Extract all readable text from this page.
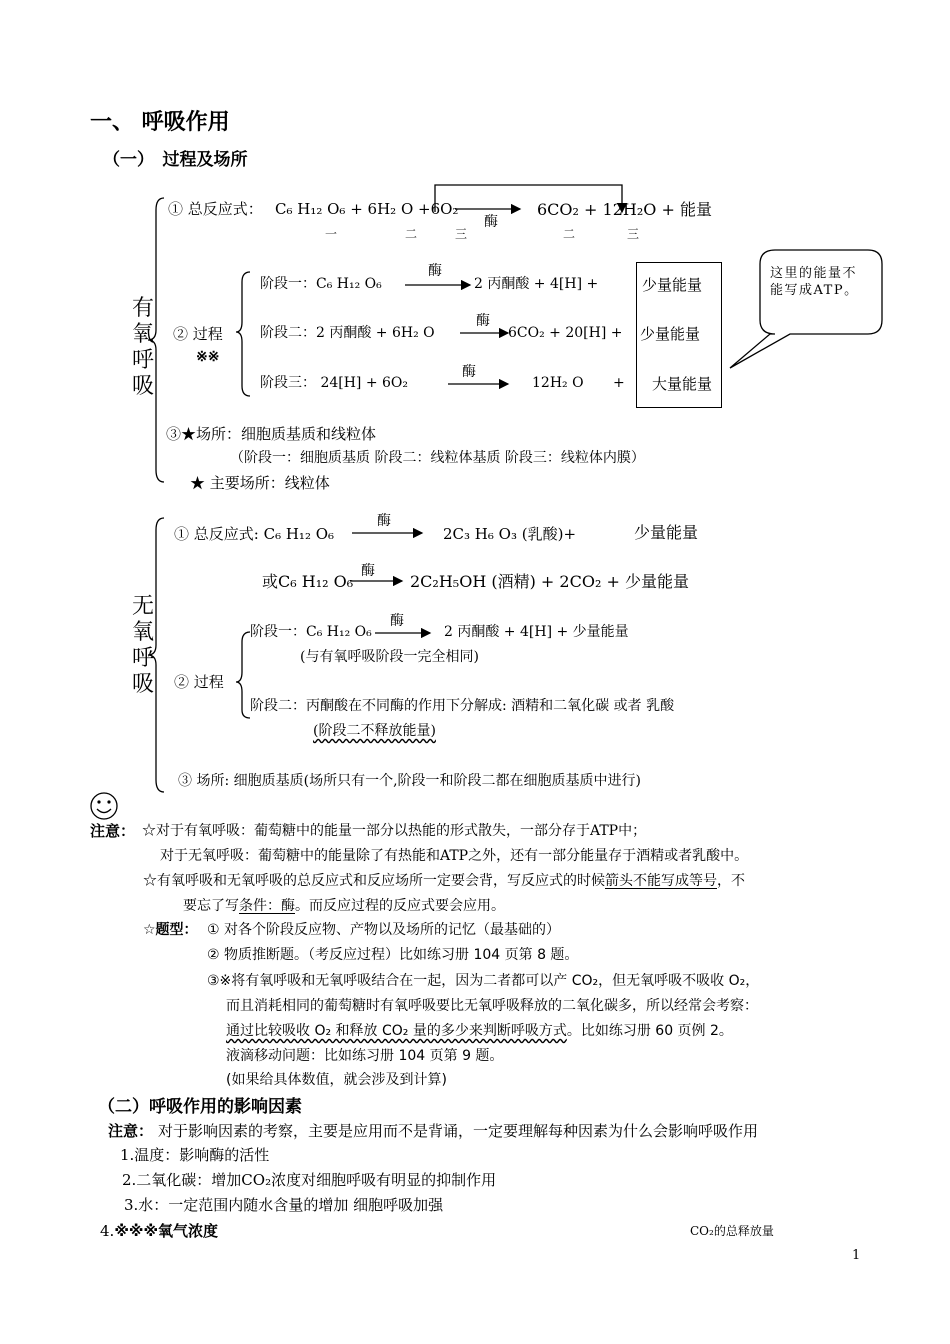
一、 呼吸作用
（一）　过程及场所
有氧呼吸
① 总反应式： C₆ H₁₂ O₆ + 6H₂ O +6O₂
酶
6CO₂ + 12H₂O + 能量
一	二	三	二	三
阶段一：C₆ H₁₂ O₆
酶
2 丙酮酸 + 4[H] +	少量能量
② 过程
※※
阶段二：2 丙酮酸 + 6H₂ O
酶
6CO₂ + 20[H] + 少量能量
阶段三： 24[H] + 6O₂
酶
12H₂ O + 大量能量
这里的能量不能写成ATP。
③★场所：细胞质基质和线粒体
（阶段一：细胞质基质 阶段二：线粒体基质 阶段三：线粒体内膜）
★ 主要场所：线粒体
无氧呼吸
① 总反应式: C₆ H₁₂ O₆
酶
2C₃ H₆ O₃ (乳酸)+	少量能量
或C₆ H₁₂ O₆
酶
2C₂H₅OH (酒精) + 2CO₂ + 少量能量
阶段一：C₆ H₁₂ O₆
酶
2 丙酮酸 + 4[H] + 少量能量
(与有氧呼吸阶段一完全相同)
② 过程
阶段二：丙酮酸在不同酶的作用下分解成: 酒精和二氧化碳 或者 乳酸
(阶段二不释放能量)
③ 场所: 细胞质基质(场所只有一个,阶段一和阶段二都在细胞质基质中进行)
注意： ☆对于有氧呼吸：葡萄糖中的能量一部分以热能的形式散失，一部分存于ATP中；
对于无氧呼吸：葡萄糖中的能量除了有热能和ATP之外，还有一部分能量存于酒精或者乳酸中。
☆有氧呼吸和无氧呼吸的总反应式和反应场所一定要会背，写反应式的时候箭头不能写成等号，不
要忘了写条件：酶。而反应过程的反应式要会应用。
☆题型： ① 对各个阶段反应物、产物以及场所的记忆（最基础的）
② 物质推断题。（考反应过程）比如练习册 104 页第 8 题。
③※将有氧呼吸和无氧呼吸结合在一起，因为二者都可以产 CO₂，但无氧呼吸不吸收 O₂，
而且消耗相同的葡萄糖时有氧呼吸要比无氧呼吸释放的二氧化碳多，所以经常会考察：
通过比较吸收 O₂ 和释放 CO₂ 量的多少来判断呼吸方式。比如练习册 60 页例 2。
液滴移动问题：比如练习册 104 页第 9 题。
(如果给具体数值，就会涉及到计算)
（二）呼吸作用的影响因素
注意： 对于影响因素的考察，主要是应用而不是背诵，一定要理解每种因素为什么会影响呼吸作用
1.温度：影响酶的活性
2.二氧化碳：增加CO₂浓度对细胞呼吸有明显的抑制作用
3.水：一定范围内随水含量的增加 细胞呼吸加强
4.※※※氧气浓度	CO₂的总释放量
1
